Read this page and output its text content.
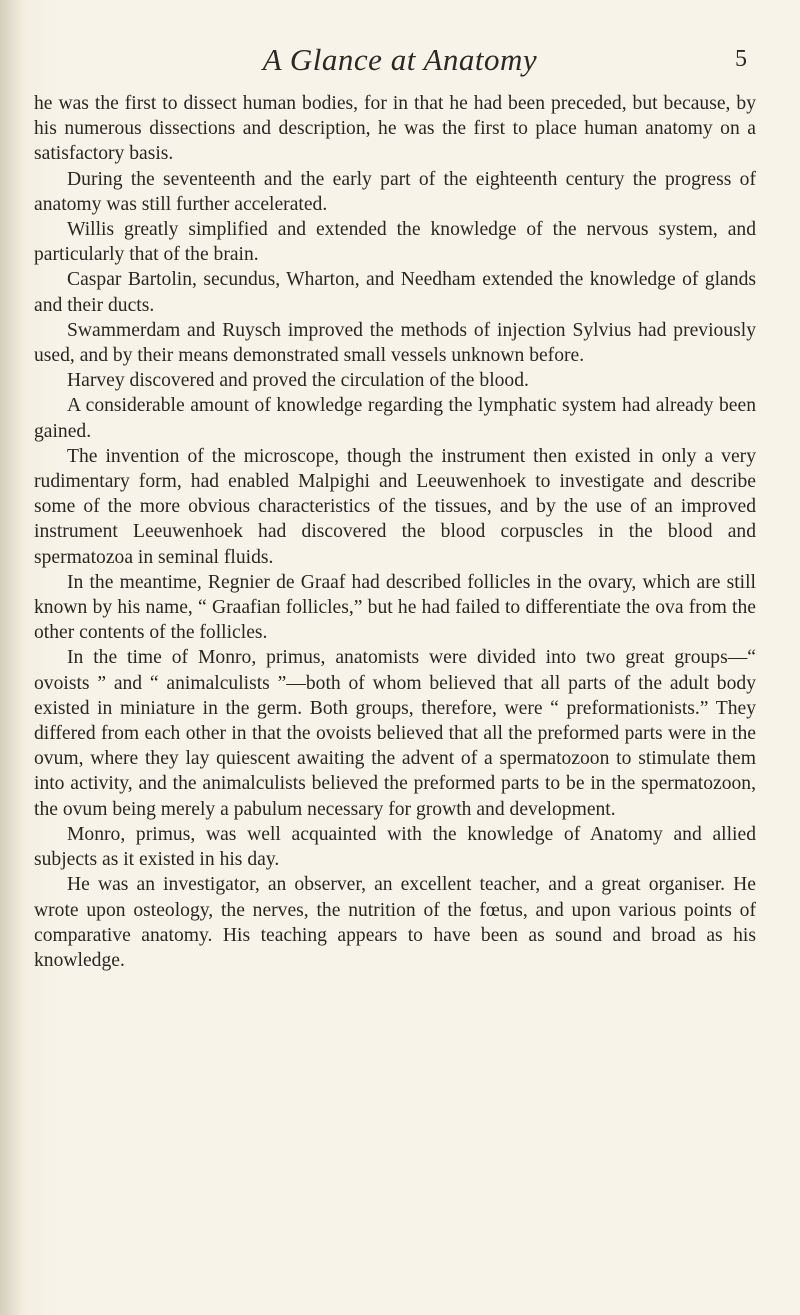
A Glance at Anatomy	5

he was the first to dissect human bodies, for in that he had been preceded, but because, by his numerous dissections and description, he was the first to place human anatomy on a satisfactory basis.

During the seventeenth and the early part of the eighteenth century the progress of anatomy was still further accelerated.

Willis greatly simplified and extended the knowledge of the nervous system, and particularly that of the brain.

Caspar Bartolin, secundus, Wharton, and Needham extended the knowledge of glands and their ducts.

Swammerdam and Ruysch improved the methods of injection Sylvius had previously used, and by their means demonstrated small vessels unknown before.

Harvey discovered and proved the circulation of the blood.

A considerable amount of knowledge regarding the lymphatic system had already been gained.

The invention of the microscope, though the instrument then existed in only a very rudimentary form, had enabled Malpighi and Leeuwenhoek to investigate and describe some of the more obvious characteristics of the tissues, and by the use of an improved instrument Leeuwenhoek had discovered the blood corpuscles in the blood and spermatozoa in seminal fluids.

In the meantime, Regnier de Graaf had described follicles in the ovary, which are still known by his name, “ Graafian follicles,” but he had failed to differentiate the ova from the other contents of the follicles.

In the time of Monro, primus, anatomists were divided into two great groups—“ ovoists ” and “ animalculists ”—both of whom believed that all parts of the adult body existed in miniature in the germ. Both groups, therefore, were “ preformationists.” They differed from each other in that the ovoists believed that all the preformed parts were in the ovum, where they lay quiescent awaiting the advent of a spermatozoon to stimulate them into activity, and the animalculists believed the preformed parts to be in the spermatozoon, the ovum being merely a pabulum necessary for growth and development.

Monro, primus, was well acquainted with the knowledge of Anatomy and allied subjects as it existed in his day.

He was an investigator, an observer, an excellent teacher, and a great organiser. He wrote upon osteology, the nerves, the nutrition of the fœtus, and upon various points of comparative anatomy. His teaching appears to have been as sound and broad as his knowledge.
